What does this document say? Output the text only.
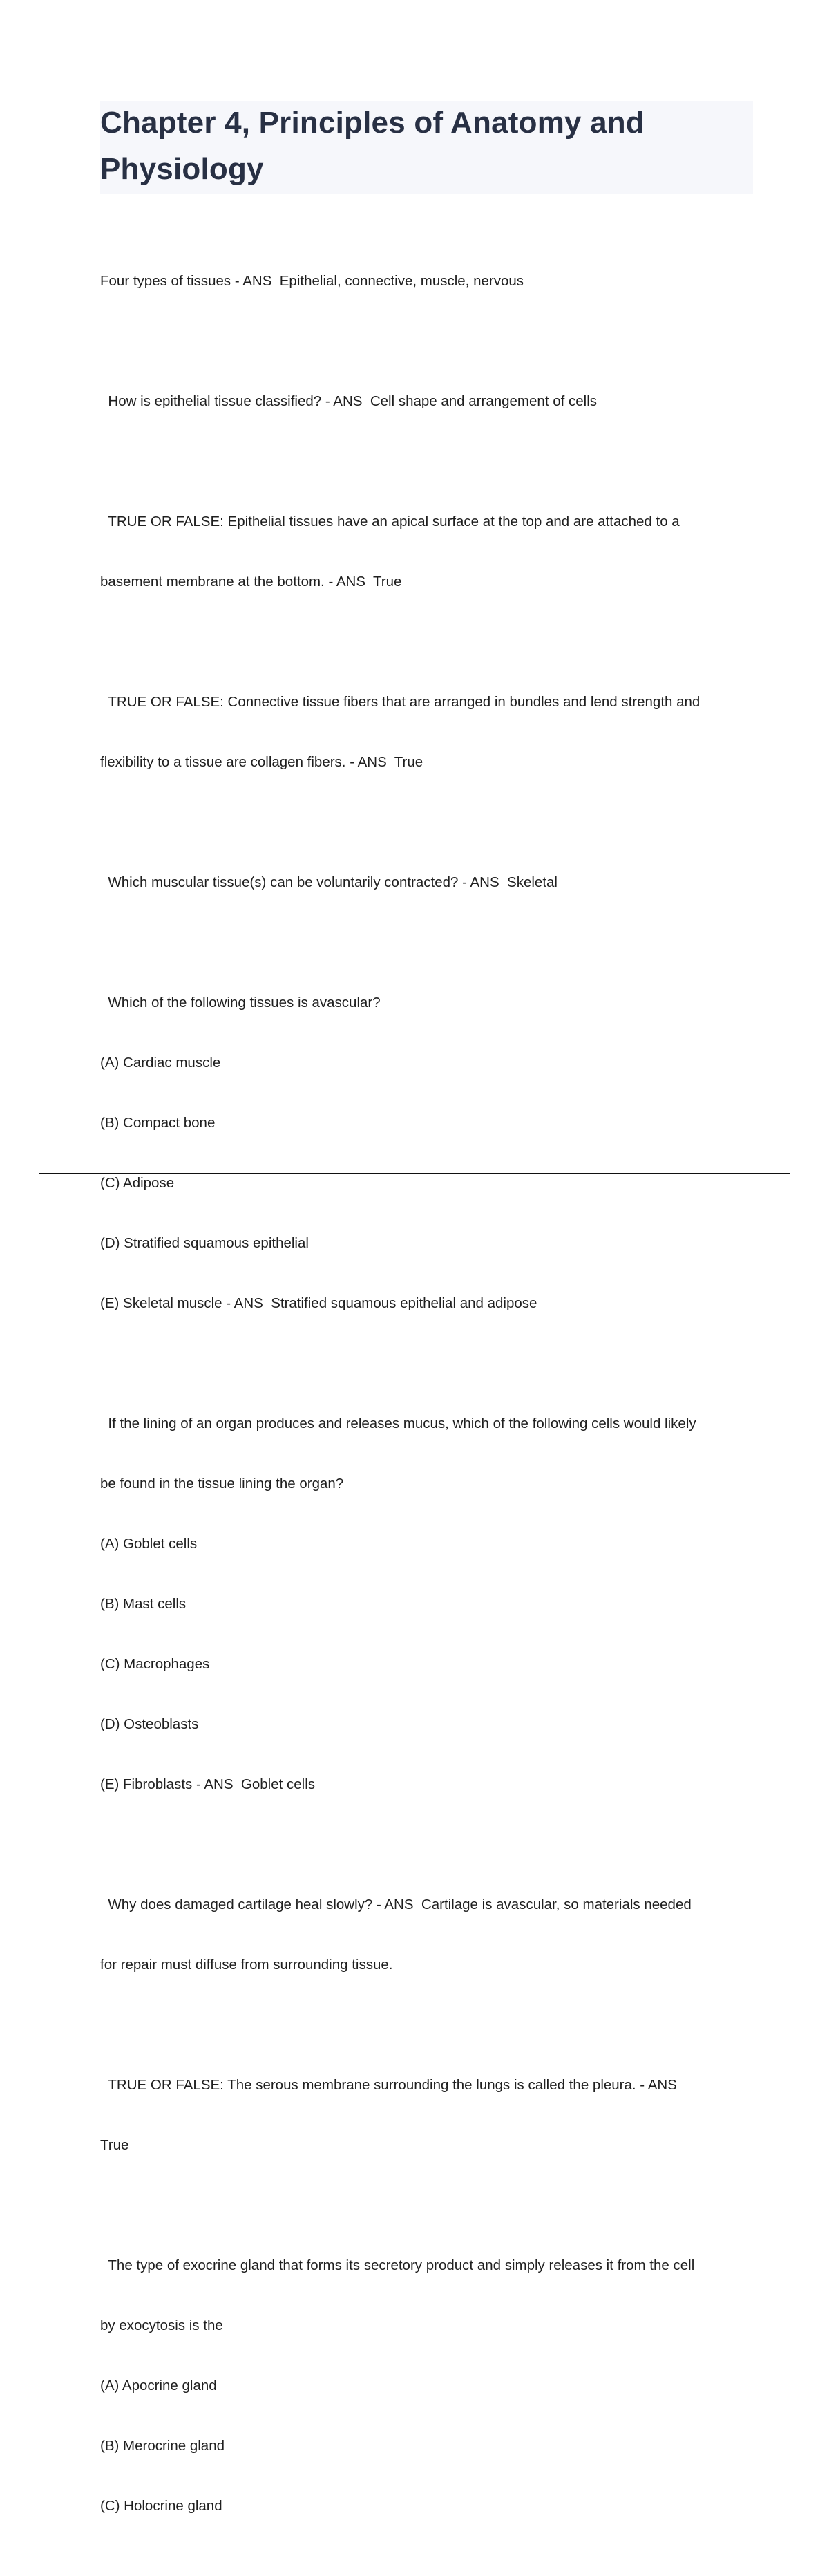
Chapter 4, Principles of Anatomy and
Physiology

Four types of tissues - ANS  Epithelial, connective, muscle, nervous

How is epithelial tissue classified? - ANS  Cell shape and arrangement of cells

TRUE OR FALSE: Epithelial tissues have an apical surface at the top and are attached to a

basement membrane at the bottom. - ANS  True

TRUE OR FALSE: Connective tissue fibers that are arranged in bundles and lend strength and

flexibility to a tissue are collagen fibers. - ANS  True

Which muscular tissue(s) can be voluntarily contracted? - ANS  Skeletal

Which of the following tissues is avascular?

(A) Cardiac muscle

(B) Compact bone

(C) Adipose

(D) Stratified squamous epithelial

(E) Skeletal muscle - ANS  Stratified squamous epithelial and adipose

If the lining of an organ produces and releases mucus, which of the following cells would likely

be found in the tissue lining the organ?

(A) Goblet cells

(B) Mast cells

(C) Macrophages

(D) Osteoblasts

(E) Fibroblasts - ANS  Goblet cells

Why does damaged cartilage heal slowly? - ANS  Cartilage is avascular, so materials needed

for repair must diffuse from surrounding tissue.

TRUE OR FALSE: The serous membrane surrounding the lungs is called the pleura. - ANS

True

The type of exocrine gland that forms its secretory product and simply releases it from the cell

by exocytosis is the

(A) Apocrine gland

(B) Merocrine gland

(C) Holocrine gland
